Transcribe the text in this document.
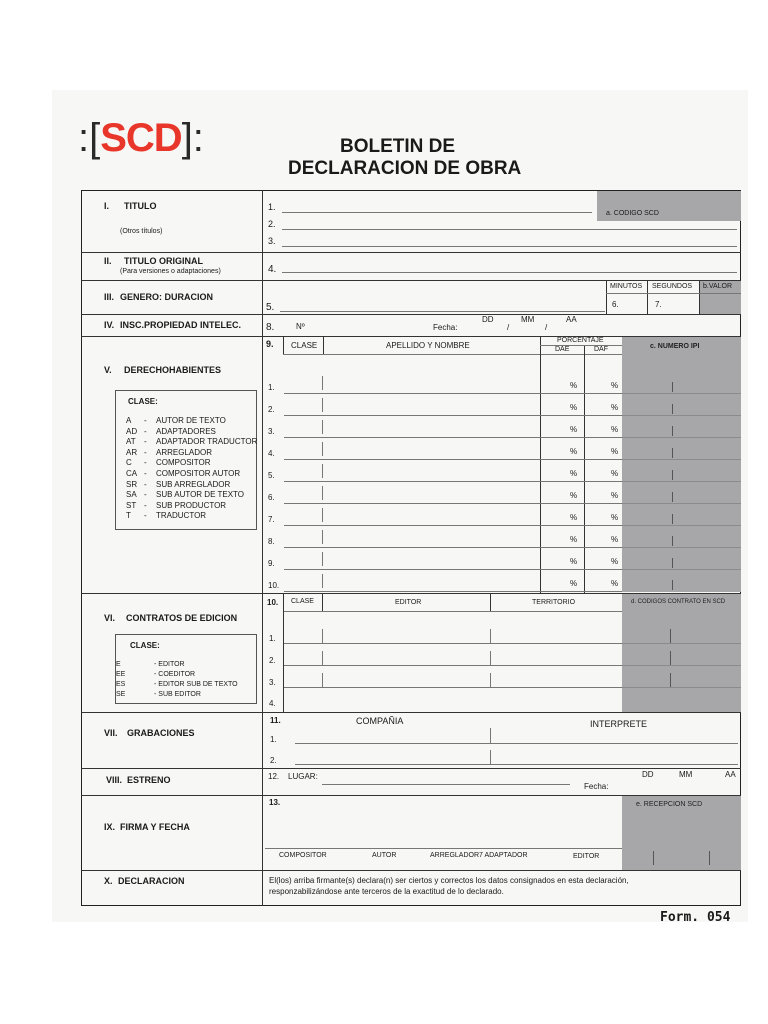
:[SCD]:	BOLETIN DE
DECLARACION DE OBRA
I. TITULO
(Otros títulos)
1.
2.
3.
a. CODIGO SCD
II. TITULO ORIGINAL
(Para versiones o adaptaciones)	4.
III. GENERO: DURACION
5.
MINUTOS SEGUNDOS b.VALOR
6.	7.
IV. INSC.PROPIEDAD INTELEC. 8.	Nº	Fecha:
DD	MM	AA
/	/
V. DERECHOHABIENTES
CLASE:
A - AUTOR DE TEXTO
AD - ADAPTADORES
AT - ADAPTADOR TRADUCTOR
AR - ARREGLADOR
C - COMPOSITOR
CA - COMPOSITOR AUTOR
SR - SUB ARREGLADOR
SA - SUB AUTOR DE TEXTO
ST - SUB PRODUCTOR
T - TRADUCTOR
9. CLASE	APELLIDO Y NOMBRE
PORCENTAJE
DAE	DAF	c. NUMERO IPI
1.	%	%
2.	%	%
3.	%	%
4.	%	%
5.	%	%
6.	%	%
7.	%	%
8.	%	%
9.	%	%
10.	%	%
VI. CONTRATOS DE EDICION
CLASE:
E	- EDITOR
EE	- COEDITOR
ES	- EDITOR SUB DE TEXTO
SE	- SUB EDITOR
10. CLASE	EDITOR	TERRITORIO	d. CODIGOS CONTRATO EN SCD
1.
2.
3.
4.
VII. GRABACIONES
11.	COMPAÑIA	INTERPRETE
1.
2.
VIII. ESTRENO	12. LUGAR:
Fecha:
DD	MM	AA
IX. FIRMA Y FECHA
13.	e. RECEPCION SCD
COMPOSITOR	AUTOR	ARREGLADOR7 ADAPTADOR	EDITOR
X. DECLARACION	El(los) arriba firmante(s) declara(n) ser ciertos y correctos los datos consignados en esta declaración,
responzabilizándose ante terceros de la exactitud de lo declarado.
Form. 054
